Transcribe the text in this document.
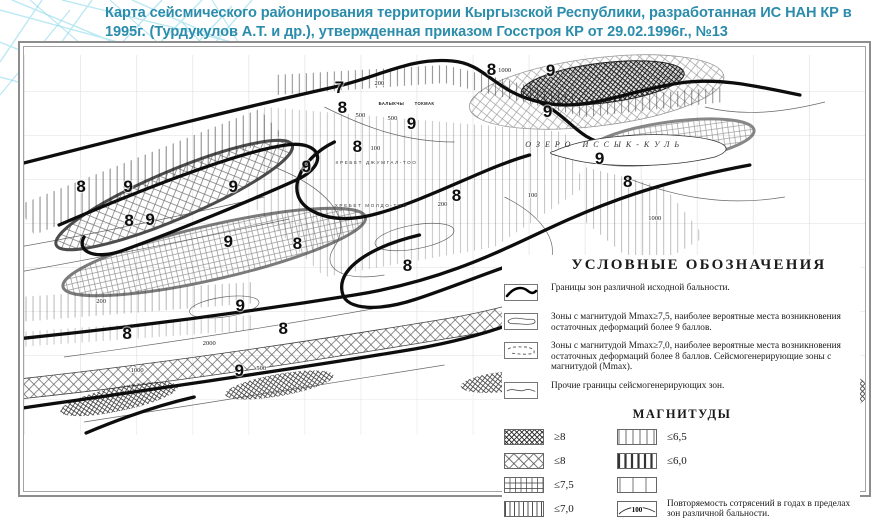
Карта сейсмического районирования территории Кыргызской Республики, разработанная ИС НАН КР в 1995г. (Турдукулов А.Т. и др.), утвержденная приказом Госстроя КР от 29.02.1996г., №13
200
500
1000
100
100
200
200
2000
500
1000
500
1000
ОЗЕРО ИССЫК-КУЛЬ
ХРЕБЕТ ДЖУМГАЛ-ТОО
ХРЕБЕТ МОЛДО-ТОО
БАЛЫКЧЫ ТОКМАК
7
8	9
8
9
9
8
9
8 9	9
8 9
9	8
8
9
8
8
9
8	8
9
УСЛОВНЫЕ ОБОЗНАЧЕНИЯ
Границы зон различной исходной бальности.
Зоны с магнитудой Mmax≥7,5, наиболее вероятные места возникновения остаточных деформаций более 9 баллов.
Зоны с магнитудой Mmax≥7,0, наиболее вероятные места возникновения остаточных деформаций более 8 баллов. Сейсмогенерирующие зоны с магнитудой (Mmax).
Прочие границы сейсмогенерирующих зон.
МАГНИТУДЫ
≥8
≤8
≤7,5
≤7,0
≤6,5
≤6,0
100
Повторяемость сотрясений в годах в пределах зон различной бальности.
